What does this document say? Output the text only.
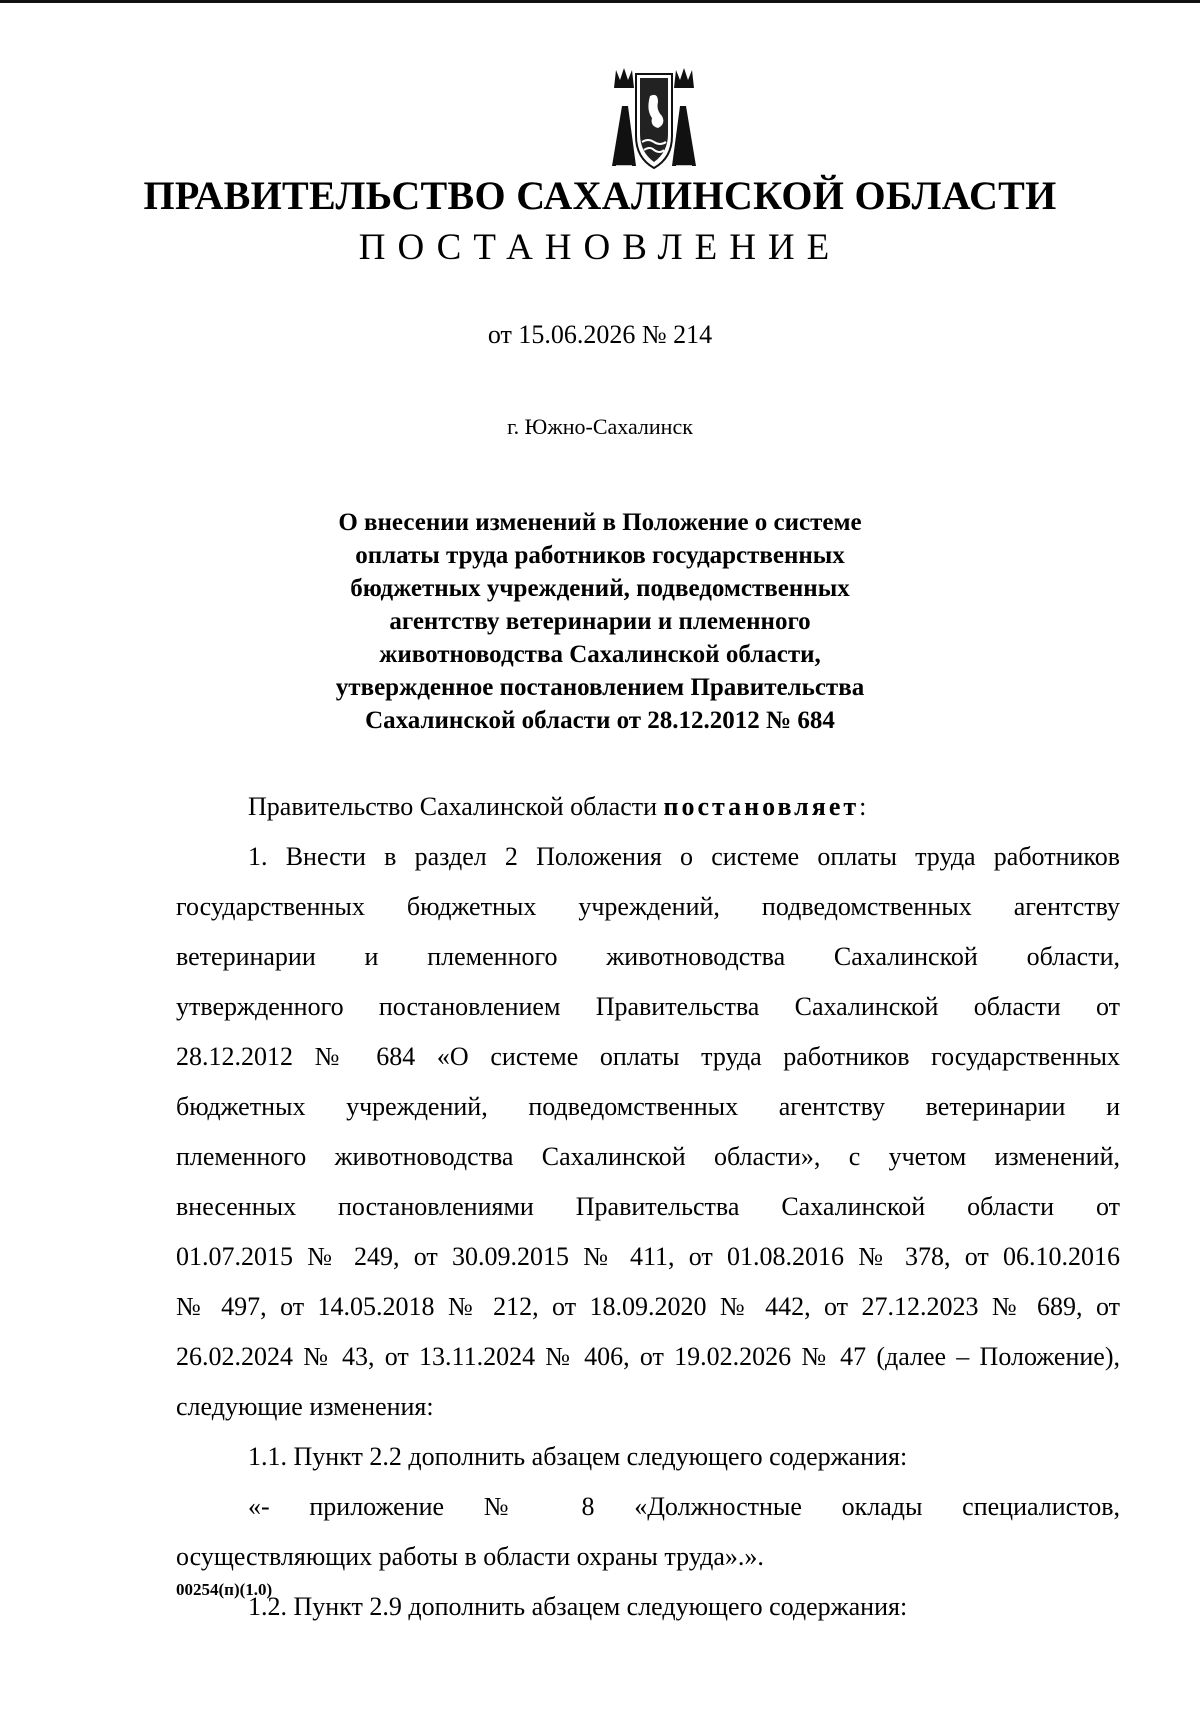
ПРАВИТЕЛЬСТВО САХАЛИНСКОЙ ОБЛАСТИ
ПОСТАНОВЛЕНИЕ
от 15.06.2026 № 214
г. Южно-Сахалинск
О внесении изменений в Положение о системе
оплаты труда работников государственных
бюджетных учреждений, подведомственных
агентству ветеринарии и племенного
животноводства Сахалинской области,
утвержденное постановлением Правительства
Сахалинской области от 28.12.2012 № 684
Правительство Сахалинской области постановляет:
1. Внести в раздел 2 Положения о системе оплаты труда работников
государственных бюджетных учреждений, подведомственных агентству
ветеринарии и племенного животноводства Сахалинской области,
утвержденного постановлением Правительства Сахалинской области от
28.12.2012 № 684 «О системе оплаты труда работников государственных
бюджетных учреждений, подведомственных агентству ветеринарии и
племенного животноводства Сахалинской области», с учетом изменений,
внесенных постановлениями Правительства Сахалинской области от
01.07.2015 № 249, от 30.09.2015 № 411, от 01.08.2016 № 378, от 06.10.2016
№ 497, от 14.05.2018 № 212, от 18.09.2020 № 442, от 27.12.2023 № 689, от
26.02.2024 № 43, от 13.11.2024 № 406, от 19.02.2026 № 47 (далее – Положение),
следующие изменения:
1.1. Пункт 2.2 дополнить абзацем следующего содержания:
«- приложение № 8 «Должностные оклады специалистов,
осуществляющих работы в области охраны труда».».
1.2. Пункт 2.9 дополнить абзацем следующего содержания:
00254(п)(1.0)
